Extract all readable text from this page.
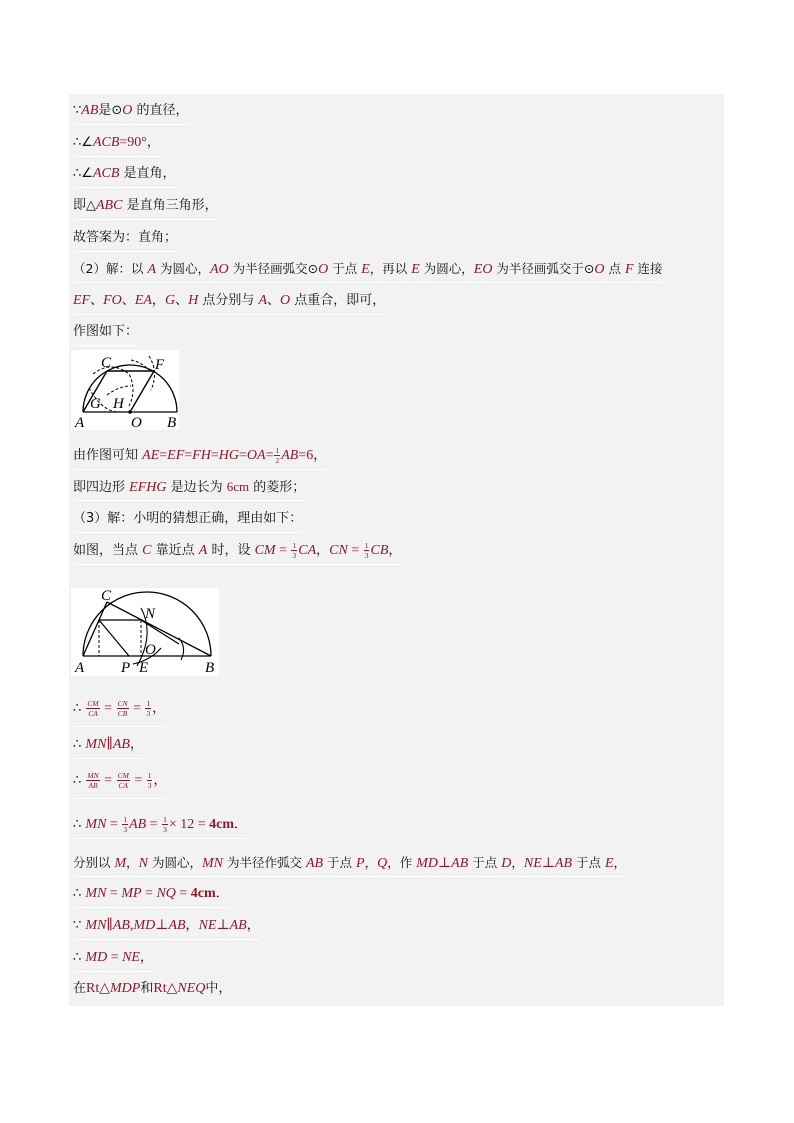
∵AB是⊙O 的直径，
∴∠ACB=90°，
∴∠ACB 是直角，
即△ABC 是直角三角形，
故答案为：直角；
（2）解：以 A 为圆心，AO 为半径画弧交⊙O 于点 E，再以 E 为圆心，EO 为半径画弧交于⊙O 点 F 连接
EF、FO、EA，G、H 点分别与 A、O 点重合，即可，
作图如下：
C	F
G H
A	O B
由作图可知 $AE=EF=FH=HG=OA= \frac{1}{2} AB=6$，
即四边形 EFHG 是边长为 6cm 的菱形；
（3）解：小明的猜想正确，理由如下：
如图，当点 C 靠近点 A 时，设 CM = $\frac{1}{3}$ CA，CN = $\frac{1}{3}$ CB，
C
N
O
A P E	B
∴ $\frac{CM}{CA} = \frac{CN}{CB} = \frac{1}{3}$ ，
∴ MN∥AB，
∴ $\frac{MN}{AB} = \frac{CM}{CA} = \frac{1}{3}$ ，
∴ MN = $\frac{1}{3}$ AB = $\frac{1}{3} \times 12 = 4cm$．
分别以 M，N 为圆心，MN 为半径作弧交 AB 于点 P，Q，作 MD⊥AB 于点 D，NE⊥AB 于点 E，
∴ MN = MP = NQ = 4cm．
∵ MN∥AB,MD⊥AB，NE⊥AB，
∴ MD = NE，
在Rt△MDP和Rt△NEQ中，
